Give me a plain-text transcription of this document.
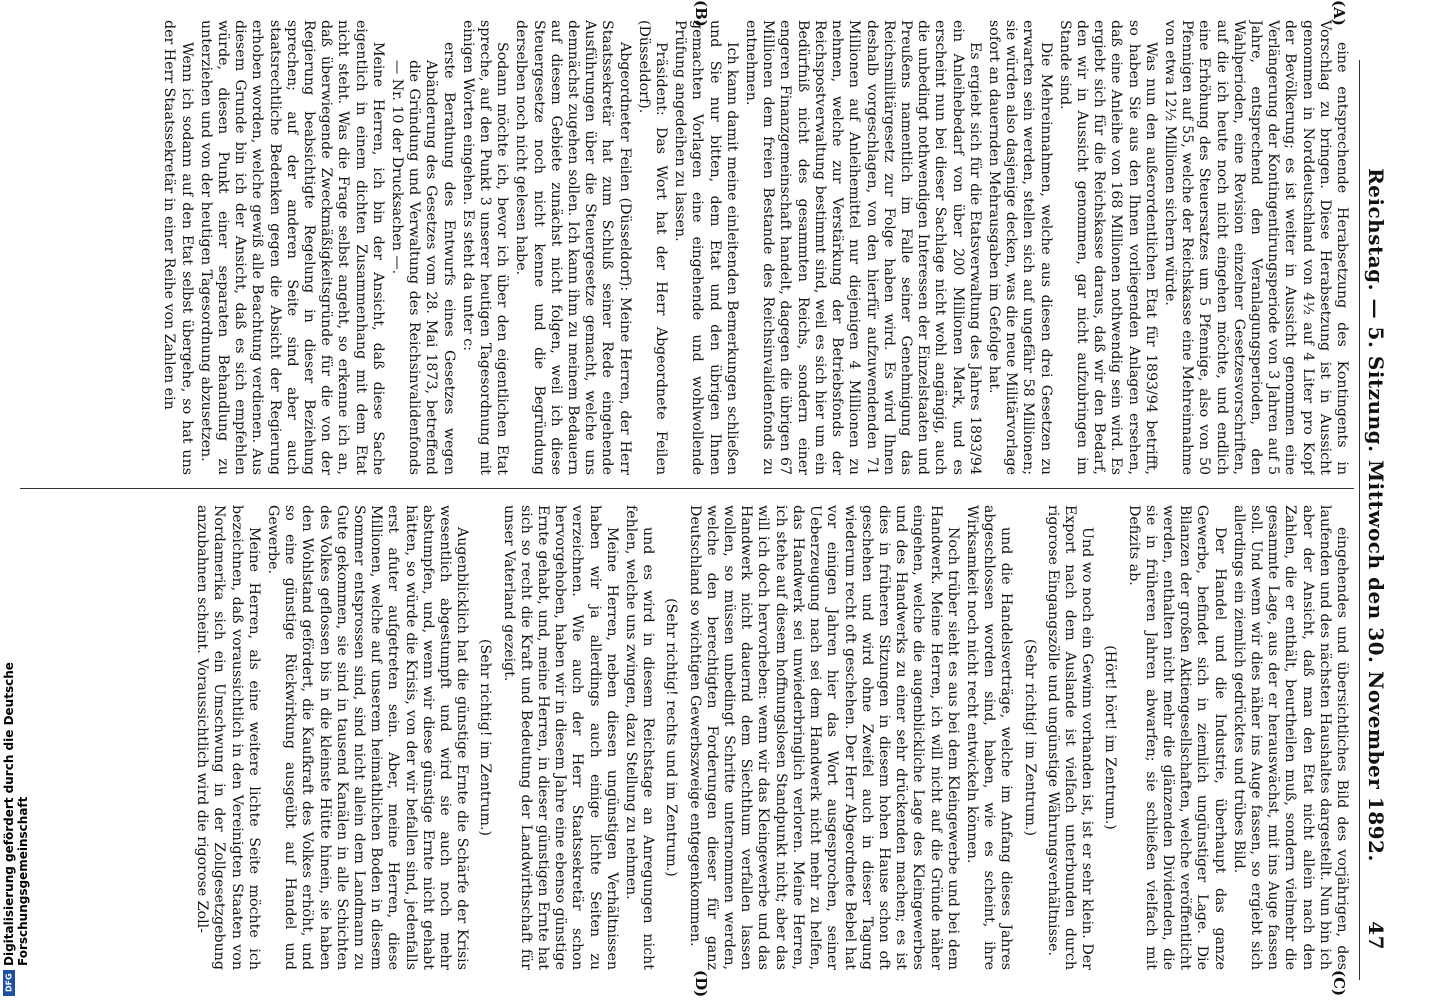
Reichstag. — 5. Sitzung. Mittwoch den 30. November 1892.
47
(A)
(B)
(C)
(D)

eine entsprechende Herabsetzung des Kontingents in Vorschlag zu bringen. Diese Herabsetzung ist in Aussicht genommen in Norddeutschland von 4½ auf 4 Liter pro Kopf der Bevölkerung; es ist weiter in Aussicht genommen eine Verlängerung der Kontingentirungsperiode von 3 Jahren auf 5 Jahre, entsprechend den Veranlagungsperioden, den Wahlperioden, eine Revision einzelner Gesetzesvorschriften, auf die ich heute noch nicht eingehen möchte, und endlich eine Erhöhung des Steuersatzes um 5 Pfennige, also von 50 Pfennigen auf 55, welche der Reichskasse eine Mehreinnahme von etwa 12½ Millionen sichern würde.

Was nun den außerordentlichen Etat für 1893/94 betrifft, so haben Sie aus den Ihnen vorliegenden Anlagen ersehen, daß eine Anleihe von 168 Millionen nothwendig sein wird. Es ergiebt sich für die Reichskasse daraus, daß wir den Bedarf, den wir in Aussicht genommen, gar nicht aufzubringen im Stande sind.

Die Mehreinnahmen, welche aus diesen drei Gesetzen zu erwarten sein werden, stellen sich auf ungefähr 58 Millionen; sie würden also dasjenige decken, was die neue Militärvorlage sofort an dauernden Mehrausgaben im Gefolge hat.

Es ergiebt sich für die Etatsverwaltung des Jahres 1893/94 ein Anleihebedarf von über 200 Millionen Mark, und es erscheint nun bei dieser Sachlage nicht wohl angängig, auch die unbedingt nothwendigen Interessen der Einzelstaaten und Preußens namentlich im Falle seiner Genehmigung das Reichsmilitärgesetz zur Folge haben wird. Es wird Ihnen deshalb vorgeschlagen, von den hierfür aufzuwendenden 71 Millionen auf Anleihemittel nur diejenigen 4 Millionen zu nehmen, welche zur Verstärkung der Betriebsfonds der Reichspostverwaltung bestimmt sind, weil es sich hier um ein Bedürfniß nicht des gesammten Reichs, sondern einer engeren Finanzgemeinschaft handelt, dagegen die übrigen 67 Millionen dem freien Bestande des Reichsinvalidenfonds zu entnehmen.

Ich kann damit meine einleitenden Bemerkungen schließen und Sie nur bitten, dem Etat und den übrigen Ihnen gemachten Vorlagen eine eingehende und wohlwollende Prüfung angedeihen zu lassen.

Präsident: Das Wort hat der Herr Abgeordnete Feilen (Düsseldorf).

Abgeordneter Feilen (Düsseldorf): Meine Herren, der Herr Staatssekretär hat zum Schluß seiner Rede eingehende Ausführungen über die Steuergesetze gemacht, welche uns demnächst zugehen sollen. Ich kann ihm zu meinem Bedauern auf diesem Gebiete zunächst nicht folgen, weil ich diese Steuergesetze noch nicht kenne und die Begründung derselben noch nicht gelesen habe.

Sodann möchte ich, bevor ich über den eigentlichen Etat spreche, auf den Punkt 3 unserer heutigen Tagesordnung mit einigen Worten eingehen. Es steht da unter c:

erste Berathung des Entwurfs eines Gesetzes wegen Abänderung des Gesetzes vom 28. Mai 1873, betreffend die Gründung und Verwaltung des Reichsinvalidenfonds — Nr. 10 der Drucksachen —.

Meine Herren, ich bin der Ansicht, daß diese Sache eigentlich in einem dichten Zusammenhang mit dem Etat nicht steht. Was die Frage selbst angeht, so erkenne ich an, daß überwiegende Zweckmäßigkeitsgründe für die von der Regierung beabsichtigte Regelung in dieser Beziehung sprechen; auf der anderen Seite sind aber auch staatsrechtliche Bedenken gegen die Absicht der Regierung erhoben worden, welche gewiß alle Beachtung verdienen. Aus diesem Grunde bin ich der Ansicht, daß es sich empfehlen würde, diesen Punkt einer separaten Behandlung zu unterziehen und von der heutigen Tagesordnung abzusetzen.

Wenn ich sodann auf den Etat selbst übergehe, so hat uns der Herr Staatssekretär in einer Reihe von Zahlen ein

eingehendes und übersichtliches Bild des vorjährigen, des laufenden und des nächsten Haushaltes dargestellt. Nun bin ich aber der Ansicht, daß man den Etat nicht allein nach den Zahlen, die er enthält, beurtheilen muß, sondern vielmehr die gesammte Lage, aus der er herauswächst, mit ins Auge fassen soll. Und wenn wir dies näher ins Auge fassen, so ergiebt sich allerdings ein ziemlich gedrücktes und trübes Bild.

Der Handel und die Industrie, überhaupt das ganze Gewerbe, befindet sich in ziemlich ungünstiger Lage. Die Bilanzen der großen Aktiengesellschaften, welche veröffentlicht werden, enthalten nicht mehr die glänzenden Dividenden, die sie in früheren Jahren abwarfen; sie schließen vielfach mit Defizits ab.

(Hört! hört! im Zentrum.)

Und wo noch ein Gewinn vorhanden ist, ist er sehr klein. Der Export nach dem Auslande ist vielfach unterbunden durch rigorose Eingangszölle und ungünstige Währungsverhältnisse.

(Sehr richtig! im Zentrum.)

und die Handelsverträge, welche im Anfang dieses Jahres abgeschlossen worden sind, haben, wie es scheint, ihre Wirksamkeit noch nicht recht entwickeln können.

Noch trüber sieht es aus bei dem Kleingewerbe und bei dem Handwerk. Meine Herren, ich will nicht auf die Gründe näher eingehen, welche die augenblickliche Lage des Kleingewerbes und des Handwerks zu einer sehr drückenden machen; es ist dies in früheren Sitzungen in diesem hohen Hause schon oft geschehen und wird ohne Zweifel auch in dieser Tagung wiederum recht oft geschehen. Der Herr Abgeordnete Bebel hat vor einigen Jahren hier das Wort ausgesprochen, seiner Ueberzeugung nach sei dem Handwerk nicht mehr zu helfen, das Handwerk sei unwiederbringlich verloren. Meine Herren, ich stehe auf diesem hoffnungslosen Standpunkt nicht; aber das will ich doch hervorheben: wenn wir das Kleingewerbe und das Handwerk nicht dauernd dem Siechthum verfallen lassen wollen, so müssen unbedingt Schritte unternommen werden, welche den berechtigten Forderungen dieser für ganz Deutschland so wichtigen Gewerbszweige entgegenkommen.

(Sehr richtig! rechts und im Zentrum.)

und es wird in diesem Reichstage an Anregungen nicht fehlen, welche uns zwingen, dazu Stellung zu nehmen.

Meine Herren, neben diesen ungünstigen Verhältnissen haben wir ja allerdings auch einige lichte Seiten zu verzeichnen. Wie auch der Herr Staatssekretär schon hervorgehoben, haben wir in diesem Jahre eine ebenso günstige Ernte gehabt, und, meine Herren, in dieser günstigen Ernte hat sich so recht die Kraft und Bedeutung der Landwirthschaft für unser Vaterland gezeigt.

(Sehr richtig! im Zentrum.)

Augenblicklich hat die günstige Ernte die Schärfe der Krisis wesentlich abgestumpft und wird sie auch noch mehr abstumpfen, und, wenn wir diese günstige Ernte nicht gehabt hätten, so würde die Krisis, von der wir befallen sind, jedenfalls erst afuter aufgetreten sein. Aber, meine Herren, diese Millionen, welche auf unserem heimathlichen Boden in diesem Sommer entsprossen sind, sind nicht allein dem Landmann zu Gute gekommen, sie sind in tausend Kanälen in alle Schichten des Volkes geflossen bis in die kleinste Hütte hinein, sie haben den Wohlstand gefördert, die Kaufkraft des Volkes erhöht, und so eine günstige Rückwirkung ausgeübt auf Handel und Gewerbe.

Meine Herren, als eine weitere lichte Seite möchte ich bezeichnen, daß voraussichtlich in den Vereinigten Staaten von Nordamerika sich ein Umschwung in der Zollgesetzgebung anzubahnen scheint. Voraussichtlich wird die rigorose Zoll-

Digitalisierung gefördert durch die Deutsche Forschungsgemeinschaft
DFG
